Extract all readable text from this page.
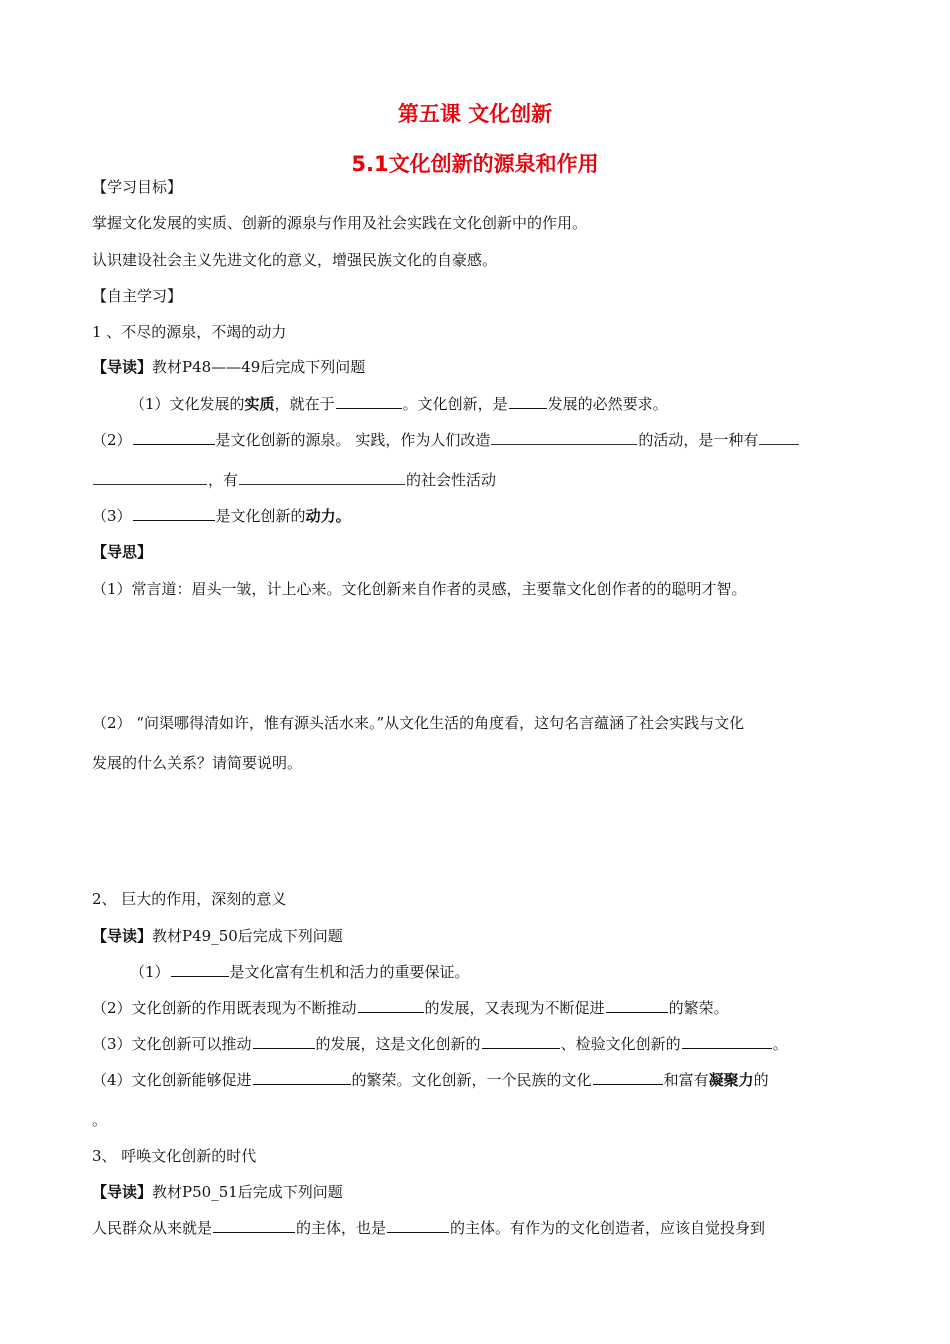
第五课 文化创新
5.1文化创新的源泉和作用
【学习目标】
掌握文化发展的实质、创新的源泉与作用及社会实践在文化创新中的作用。
认识建设社会主义先进文化的意义，增强民族文化的自豪感。
【自主学习】
1 、不尽的源泉，不竭的动力
【导读】教材P48——49后完成下列问题
（1）文化发展的实质，就在于	。文化创新，是	发展的必然要求。
（2）	是文化创新的源泉。 实践，作为人们改造	的活动，是一种有
，有	的社会性活动
（3）	是文化创新的动力。
【导思】
（1）常言道：眉头一皱，计上心来。文化创新来自作者的灵感，主要靠文化创作者的的聪明才智。
（2） “问渠哪得清如许，惟有源头活水来。”从文化生活的角度看，这句名言蕴涵了社会实践与文化
发展的什么关系？请简要说明。
2、 巨大的作用，深刻的意义
【导读】教材P49_50后完成下列问题
（1）	是文化富有生机和活力的重要保证。
（2）文化创新的作用既表现为不断推动	的发展，又表现为不断促进	的繁荣。
（3）文化创新可以推动	的发展，这是文化创新的	、检验文化创新的	。
（4）文化创新能够促进	的繁荣。文化创新，一个民族的文化	和富有凝聚力的
。
3、 呼唤文化创新的时代
【导读】教材P50_51后完成下列问题
人民群众从来就是	的主体，也是	的主体。有作为的文化创造者，应该自觉投身到
